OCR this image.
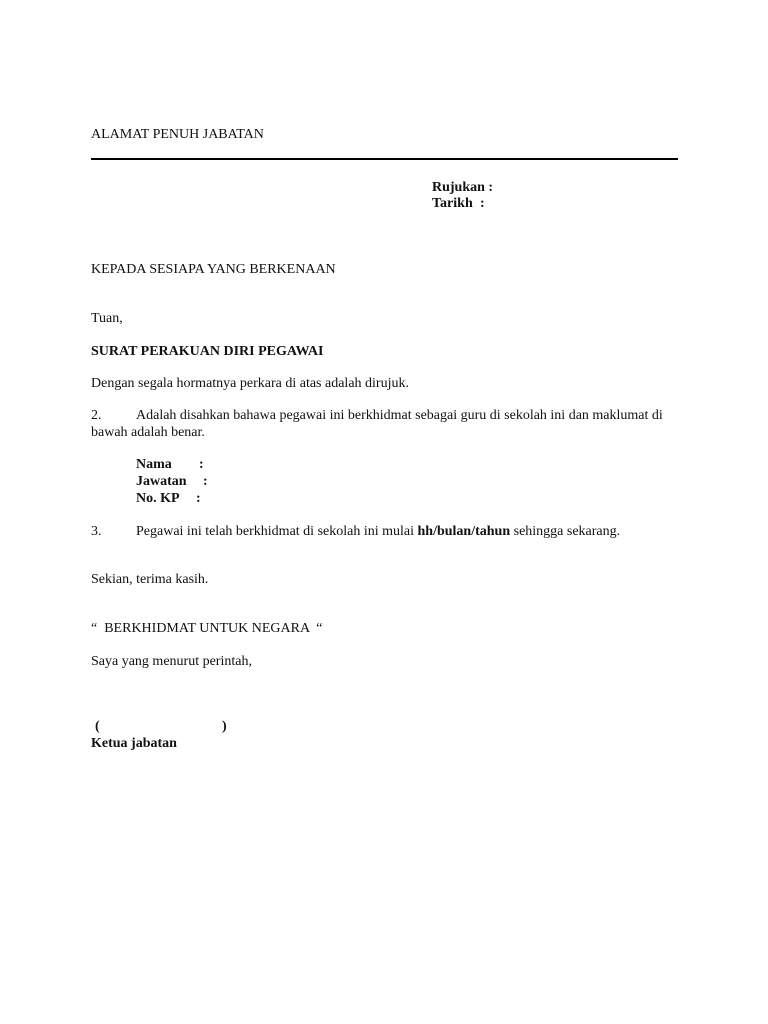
ALAMAT PENUH JABATAN
Rujukan :
Tarikh :
KEPADA SESIAPA YANG BERKENAAN
Tuan,
SURAT PERAKUAN DIRI PEGAWAI
Dengan segala hormatnya perkara di atas adalah dirujuk.
2. Adalah disahkan bahawa pegawai ini berkhidmat sebagai guru di sekolah ini dan maklumat di bawah adalah benar.
Nama :
Jawatan :
No. KP :
3. Pegawai ini telah berkhidmat di sekolah ini mulai hh/bulan/tahun sehingga sekarang.
Sekian, terima kasih.
“  BERKHIDMAT UNTUK NEGARA  “
Saya yang menurut perintah,
(	)
Ketua jabatan
